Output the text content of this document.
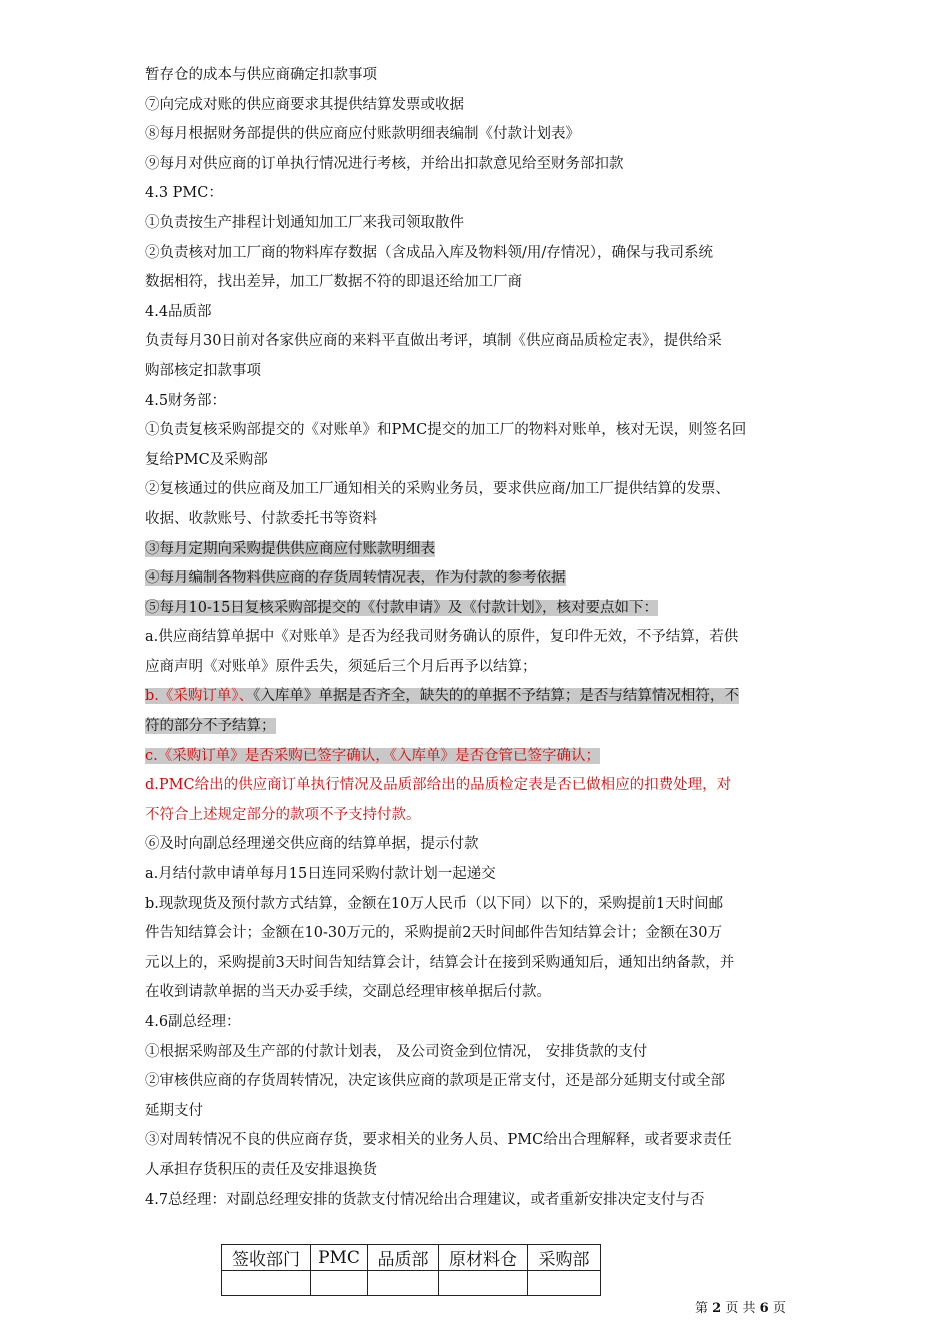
暂存仓的成本与供应商确定扣款事项

⑦向完成对账的供应商要求其提供结算发票或收据

⑧每月根据财务部提供的供应商应付账款明细表编制《付款计划表》

⑨每月对供应商的订单执行情况进行考核，并给出扣款意见给至财务部扣款

4.3 PMC：

①负责按生产排程计划通知加工厂来我司领取散件

②负责核对加工厂商的物料库存数据（含成品入库及物料领/用/存情况），确保与我司系统

数据相符，找出差异，加工厂数据不符的即退还给加工厂商

4.4品质部

负责每月30日前对各家供应商的来料平直做出考评，填制《供应商品质检定表》，提供给采

购部核定扣款事项

4.5财务部：

①负责复核采购部提交的《对账单》和PMC提交的加工厂的物料对账单，核对无误，则签名回

复给PMC及采购部

②复核通过的供应商及加工厂通知相关的采购业务员，要求供应商/加工厂提供结算的发票、

收据、收款账号、付款委托书等资料

③每月定期向采购提供供应商应付账款明细表

④每月编制各物料供应商的存货周转情况表，作为付款的参考依据

⑤每月10-15日复核采购部提交的《付款申请》及《付款计划》，核对要点如下：

a.供应商结算单据中《对账单》是否为经我司财务确认的原件，复印件无效，不予结算，若供

应商声明《对账单》原件丢失，须延后三个月后再予以结算；

b.《采购订单》、《入库单》单据是否齐全，缺失的的单据不予结算；是否与结算情况相符，不

符的部分不予结算；

c.《采购订单》是否采购已签字确认，《入库单》是否仓管已签字确认；

d.PMC给出的供应商订单执行情况及品质部给出的品质检定表是否已做相应的扣费处理，对

不符合上述规定部分的款项不予支持付款。

⑥及时向副总经理递交供应商的结算单据，提示付款

a.月结付款申请单每月15日连同采购付款计划一起递交

b.现款现货及预付款方式结算，金额在10万人民币（以下同）以下的，采购提前1天时间邮

件告知结算会计；金额在10-30万元的，采购提前2天时间邮件告知结算会计；金额在30万

元以上的，采购提前3天时间告知结算会计，结算会计在接到采购通知后，通知出纳备款，并

在收到请款单据的当天办妥手续，交副总经理审核单据后付款。

4.6副总经理：

①根据采购部及生产部的付款计划表， 及公司资金到位情况， 安排货款的支付

②审核供应商的存货周转情况，决定该供应商的款项是正常支付，还是部分延期支付或全部

延期支付

③对周转情况不良的供应商存货，要求相关的业务人员、PMC给出合理解释，或者要求责任

人承担存货积压的责任及安排退换货

4.7总经理：对副总经理安排的货款支付情况给出合理建议，或者重新安排决定支付与否

签收部门	PMC	品质部	原材料仓	采购部

第 2 页 共 6 页
